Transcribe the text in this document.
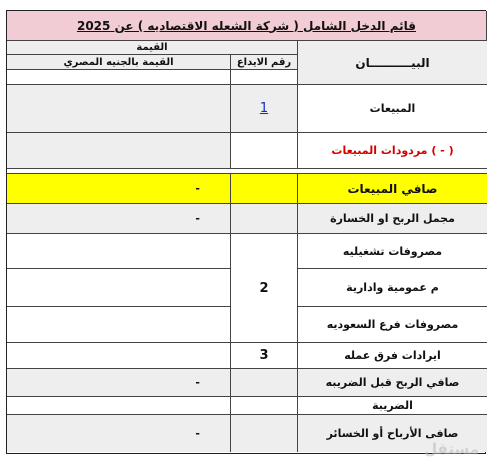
قائم الدخل الشامل ( شركة الشعله الاقتصاديه ) عن 2025
القيمة
القيمة بالجنيه المصري	رقم الايداع	البيــــــــــان
1	المبيعات
مردودات المبيعات ( - )
-	صافي المبيعات
-	مجمل الربح او الخسارة
2
مصروفات تشغيليه
م عمومية وادارية
مصروفات فرع السعوديه
3	ايرادات فرق عمله
-	صافي الربح قبل الضريبه
الضريبة
-	صافى الأرباح أو الخسائر
مستقل
